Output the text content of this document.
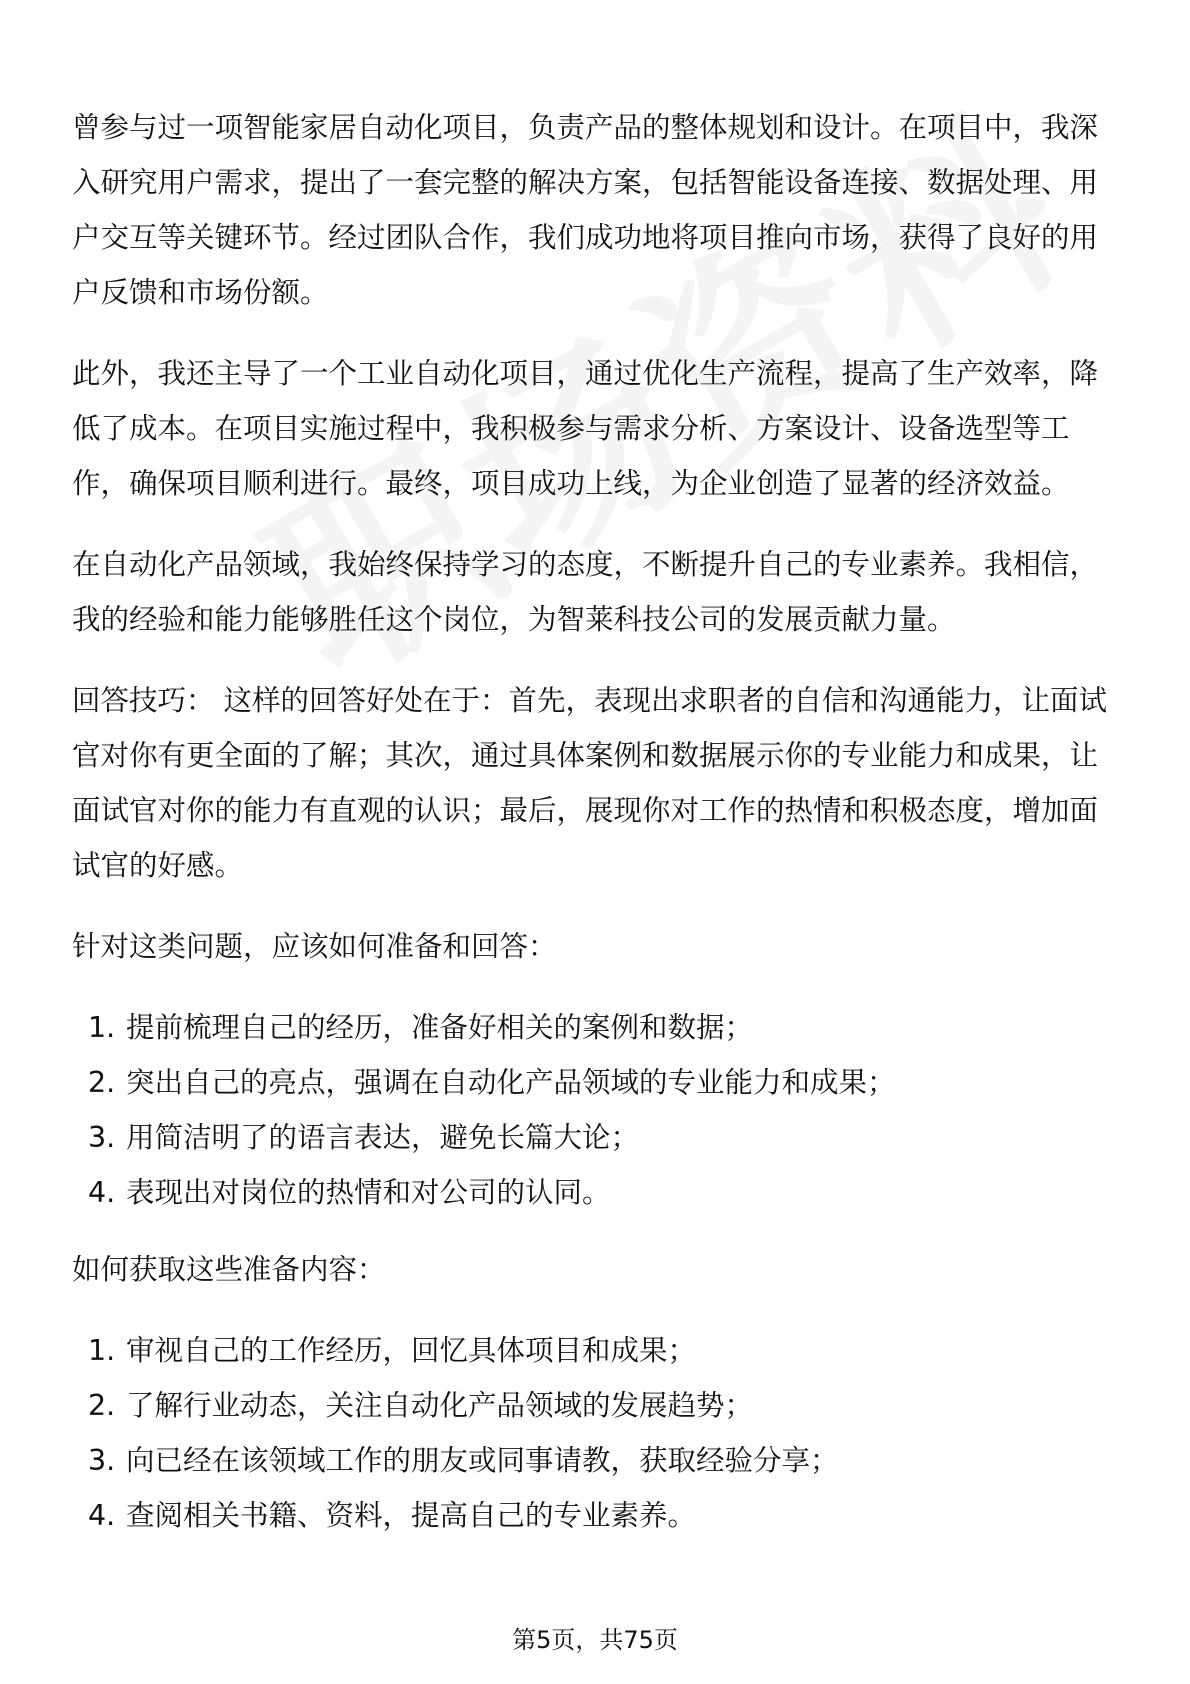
曾参与过一项智能家居自动化项目，负责产品的整体规划和设计。在项目中，我深入研究用户需求，提出了一套完整的解决方案，包括智能设备连接、数据处理、用户交互等关键环节。经过团队合作，我们成功地将项目推向市场，获得了良好的用户反馈和市场份额。

此外，我还主导了一个工业自动化项目，通过优化生产流程，提高了生产效率，降低了成本。在项目实施过程中，我积极参与需求分析、方案设计、设备选型等工作，确保项目顺利进行。最终，项目成功上线，为企业创造了显著的经济效益。

在自动化产品领域，我始终保持学习的态度，不断提升自己的专业素养。我相信，我的经验和能力能够胜任这个岗位，为智莱科技公司的发展贡献力量。

回答技巧： 这样的回答好处在于：首先，表现出求职者的自信和沟通能力，让面试官对你有更全面的了解；其次，通过具体案例和数据展示你的专业能力和成果，让面试官对你的能力有直观的认识；最后，展现你对工作的热情和积极态度，增加面试官的好感。

针对这类问题，应该如何准备和回答：

1. 提前梳理自己的经历，准备好相关的案例和数据；
2. 突出自己的亮点，强调在自动化产品领域的专业能力和成果；
3. 用简洁明了的语言表达，避免长篇大论；
4. 表现出对岗位的热情和对公司的认同。

如何获取这些准备内容：

1. 审视自己的工作经历，回忆具体项目和成果；
2. 了解行业动态，关注自动化产品领域的发展趋势；
3. 向已经在该领域工作的朋友或同事请教，获取经验分享；
4. 查阅相关书籍、资料，提高自己的专业素养。
第5页，共75页
